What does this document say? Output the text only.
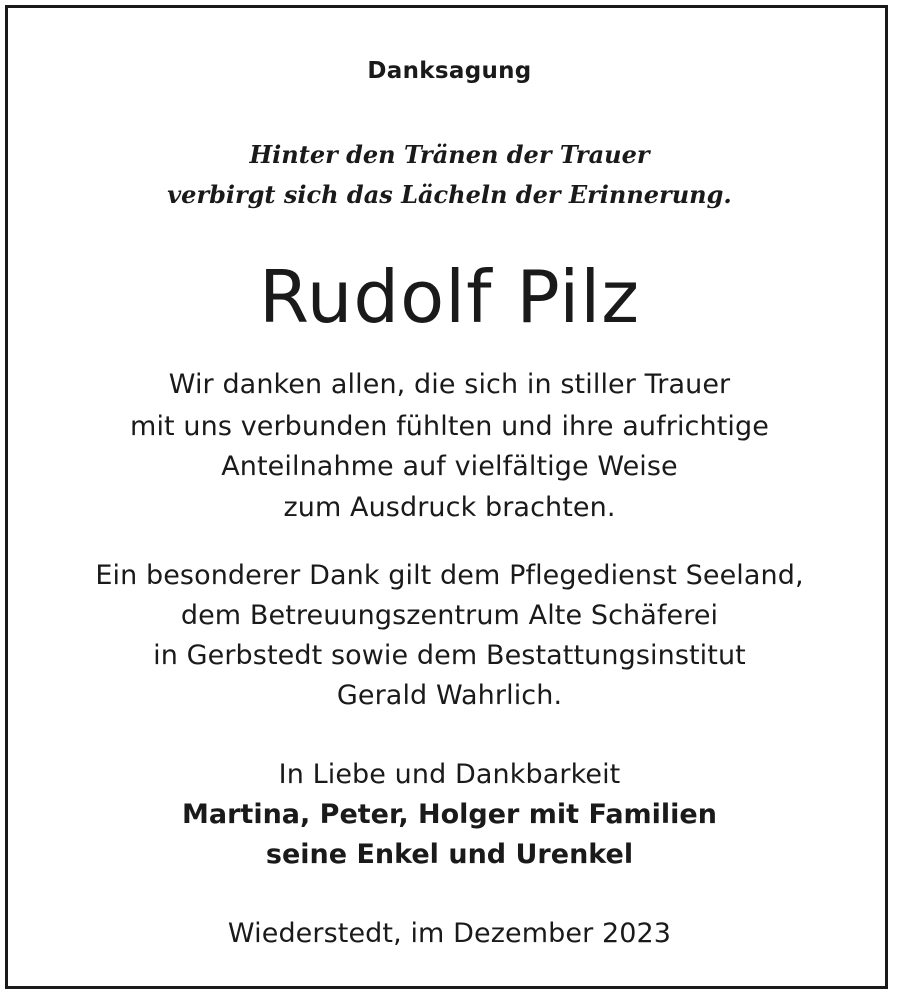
Danksagung

Hinter den Tränen der Trauer

verbirgt sich das Lächeln der Erinnerung.

Rudolf Pilz

Wir danken allen, die sich in stiller Trauer

mit uns verbunden fühlten und ihre aufrichtige

Anteilnahme auf vielfältige Weise

zum Ausdruck brachten.

Ein besonderer Dank gilt dem Pflegedienst Seeland,

dem Betreuungszentrum Alte Schäferei

in Gerbstedt sowie dem Bestattungsinstitut

Gerald Wahrlich.

In Liebe und Dankbarkeit

Martina, Peter, Holger mit Familien

seine Enkel und Urenkel

Wiederstedt, im Dezember 2023
